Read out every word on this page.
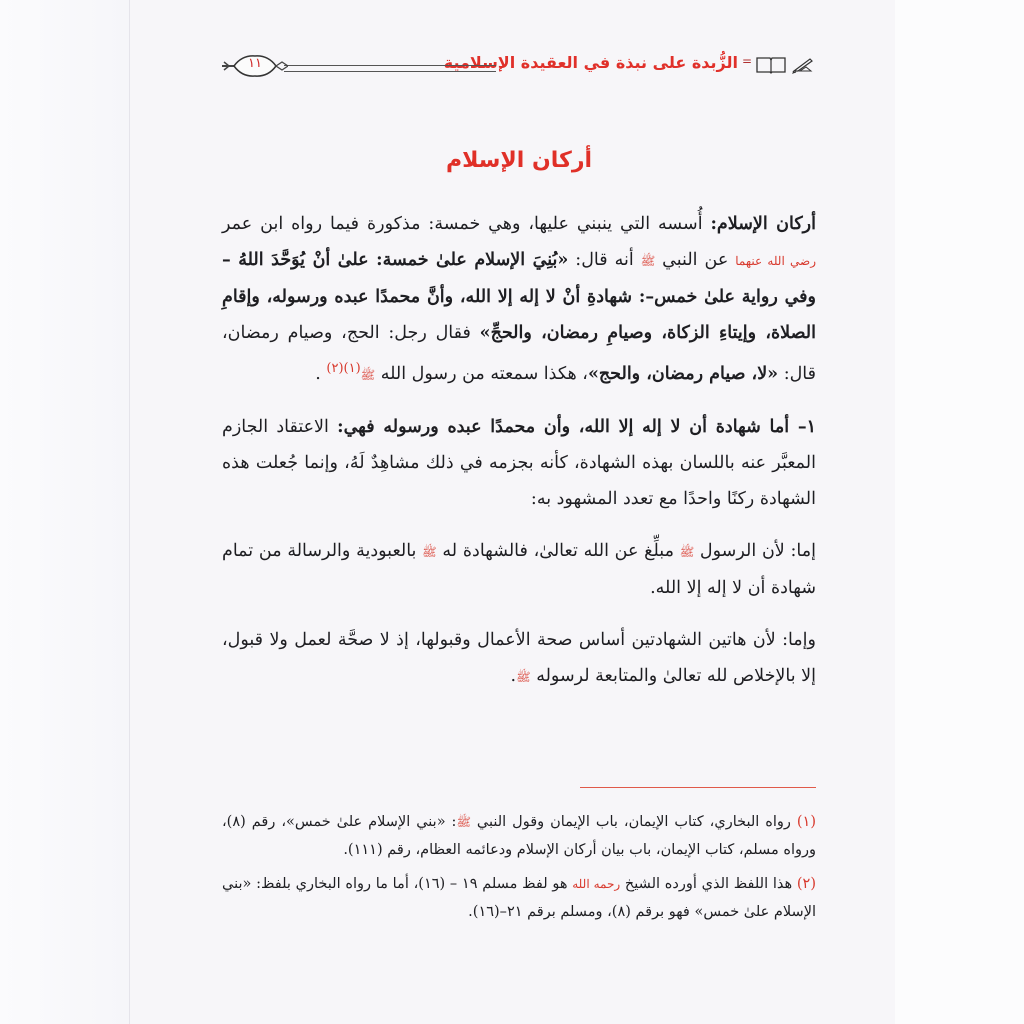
=
الزُّبدة على نبذة في العقيدة الإسلامية
١١
أركان الإسلام

أركان الإسلام: أُسسه التي ينبني عليها، وهي خمسة: مذكورة فيما رواه ابن عمر رضي الله عنهما عن النبي ﷺ أنه قال: «بُنِيَ الإسلام علىٰ خمسة: علىٰ أنْ يُوَحَّدَ اللهُ – وفي رواية علىٰ خمس–: شهادةِ أنْ لا إله إلا الله، وأنَّ محمدًا عبده ورسوله، وإقامِ الصلاة، وإيتاءِ الزكاة، وصيامِ رمضان، والحجِّ» فقال رجل: الحج، وصيام رمضان، قال: «لا، صيام رمضان، والحج»، هكذا سمعته من رسول الله ﷺ$^{(١)(٢)}$ .

١– أما شهادة أن لا إله إلا الله، وأن محمدًا عبده ورسوله فهي: الاعتقاد الجازم المعبَّر عنه باللسان بهذه الشهادة، كأنه بجزمه في ذلك مشاهِدٌ لَهُ، وإنما جُعلت هذه الشهادة ركنًا واحدًا مع تعدد المشهود به:

إما: لأن الرسول ﷺ مبلِّغ عن الله تعالىٰ، فالشهادة له ﷺ بالعبودية والرسالة من تمام شهادة أن لا إله إلا الله.

وإما: لأن هاتين الشهادتين أساس صحة الأعمال وقبولها، إذ لا صحَّة لعمل ولا قبول، إلا بالإخلاص لله تعالىٰ والمتابعة لرسوله ﷺ.

(١) رواه البخاري، كتاب الإيمان، باب الإيمان وقول النبي ﷺ: «بني الإسلام علىٰ خمس»، رقم (٨)، ورواه مسلم، كتاب الإيمان، باب بيان أركان الإسلام ودعائمه العظام، رقم (١١١).

(٢) هذا اللفظ الذي أورده الشيخ رحمه الله هو لفظ مسلم ١٩ – (١٦)، أما ما رواه البخاري بلفظ: «بني الإسلام علىٰ خمس» فهو برقم (٨)، ومسلم برقم ٢١–(١٦).
